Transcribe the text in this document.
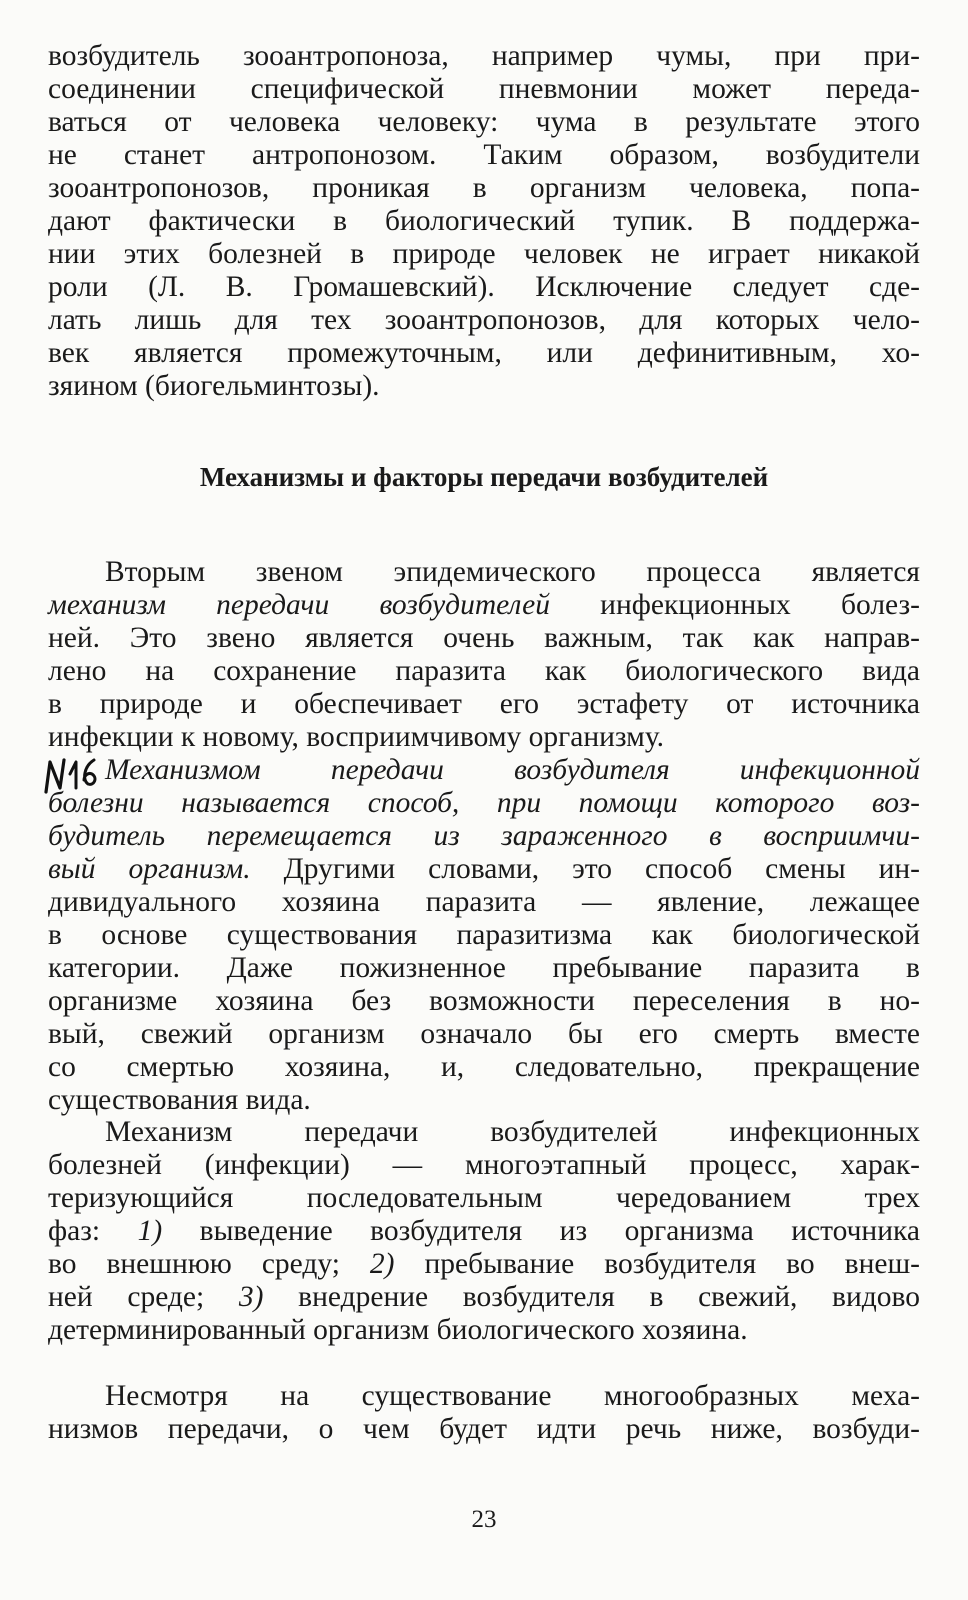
возбудитель зооантропоноза, например чумы, при при-
соединении специфической пневмонии может переда-
ваться от человека человеку: чума в результате этого
не станет антропонозом. Таким образом, возбудители
зооантропонозов, проникая в организм человека, попа-
дают фактически в биологический тупик. В поддержа-
нии этих болезней в природе человек не играет никакой
роли (Л. В. Громашевский). Исключение следует сде-
лать лишь для тех зооантропонозов, для которых чело-
век является промежуточным, или дефинитивным, хо-
зяином (биогельминтозы).
Механизмы и факторы передачи возбудителей
Вторым звеном эпидемического процесса является
механизм передачи возбудителей инфекционных болез-
ней. Это звено является очень важным, так как направ-
лено на сохранение паразита как биологического вида
в природе и обеспечивает его эстафету от источника
инфекции к новому, восприимчивому организму.
№16
Механизмом передачи возбудителя инфекционной
болезни называется способ, при помощи которого воз-
будитель перемещается из зараженного в восприимчи-
вый организм. Другими словами, это способ смены ин-
дивидуального хозяина паразита — явление, лежащее
в основе существования паразитизма как биологической
категории. Даже пожизненное пребывание паразита в
организме хозяина без возможности переселения в но-
вый, свежий организм означало бы его смерть вместе
со смертью хозяина, и, следовательно, прекращение
существования вида.
Механизм передачи возбудителей инфекционных
болезней (инфекции) — многоэтапный процесс, харак-
теризующийся последовательным чередованием трех
фаз: 1) выведение возбудителя из организма источника
во внешнюю среду; 2) пребывание возбудителя во внеш-
ней среде; 3) внедрение возбудителя в свежий, видово
детерминированный организм биологического хозяина.
Несмотря на существование многообразных меха-
низмов передачи, о чем будет идти речь ниже, возбуди-
23
